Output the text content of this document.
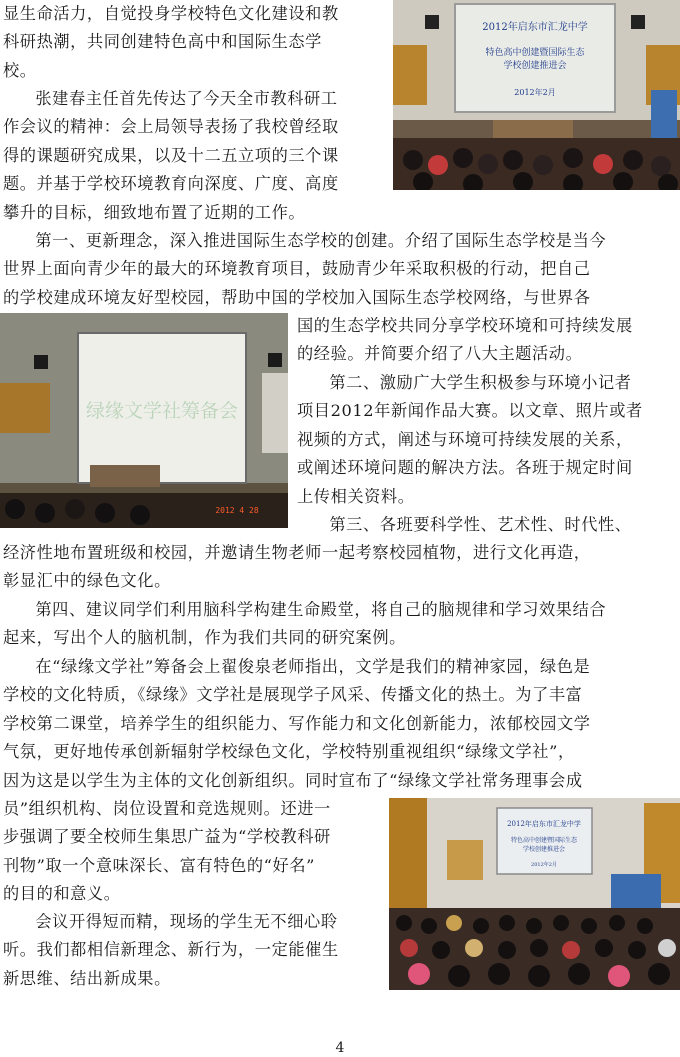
2012年启东市汇龙中学
特色高中创建暨国际生态
学校创建推进会
2012年2月
绿缘文学社筹备会
2012 4 28
2012年启东市汇龙中学
特色高中创建暨国际生态
学校创建推进会
2012年2月

显生命活力，自觉投身学校特色文化建设和教

科研热潮，共同创建特色高中和国际生态学

校。

张建春主任首先传达了今天全市教科研工

作会议的精神：会上局领导表扬了我校曾经取

得的课题研究成果，以及十二五立项的三个课

题。并基于学校环境教育向深度、广度、高度

攀升的目标，细致地布置了近期的工作。

第一、更新理念，深入推进国际生态学校的创建。介绍了国际生态学校是当今

世界上面向青少年的最大的环境教育项目，鼓励青少年采取积极的行动，把自己

的学校建成环境友好型校园，帮助中国的学校加入国际生态学校网络，与世界各

国的生态学校共同分享学校环境和可持续发展

的经验。并简要介绍了八大主题活动。

第二、激励广大学生积极参与环境小记者

项目2012年新闻作品大赛。以文章、照片或者

视频的方式，阐述与环境可持续发展的关系，

或阐述环境问题的解决方法。各班于规定时间

上传相关资料。

第三、各班要科学性、艺术性、时代性、

经济性地布置班级和校园，并邀请生物老师一起考察校园植物，进行文化再造，

彰显汇中的绿色文化。

第四、建议同学们利用脑科学构建生命殿堂，将自己的脑规律和学习效果结合

起来，写出个人的脑机制，作为我们共同的研究案例。

在“绿缘文学社”筹备会上翟俊泉老师指出，文学是我们的精神家园，绿色是

学校的文化特质，《绿缘》文学社是展现学子风采、传播文化的热土。为了丰富

学校第二课堂，培养学生的组织能力、写作能力和文化创新能力，浓郁校园文学

气氛，更好地传承创新辐射学校绿色文化，学校特别重视组织“绿缘文学社”，

因为这是以学生为主体的文化创新组织。同时宣布了“绿缘文学社常务理事会成

员”组织机构、岗位设置和竞选规则。还进一

步强调了要全校师生集思广益为“学校教科研

刊物”取一个意味深长、富有特色的“好名”

的目的和意义。

会议开得短而精，现场的学生无不细心聆

听。我们都相信新理念、新行为，一定能催生

新思维、结出新成果。

4
